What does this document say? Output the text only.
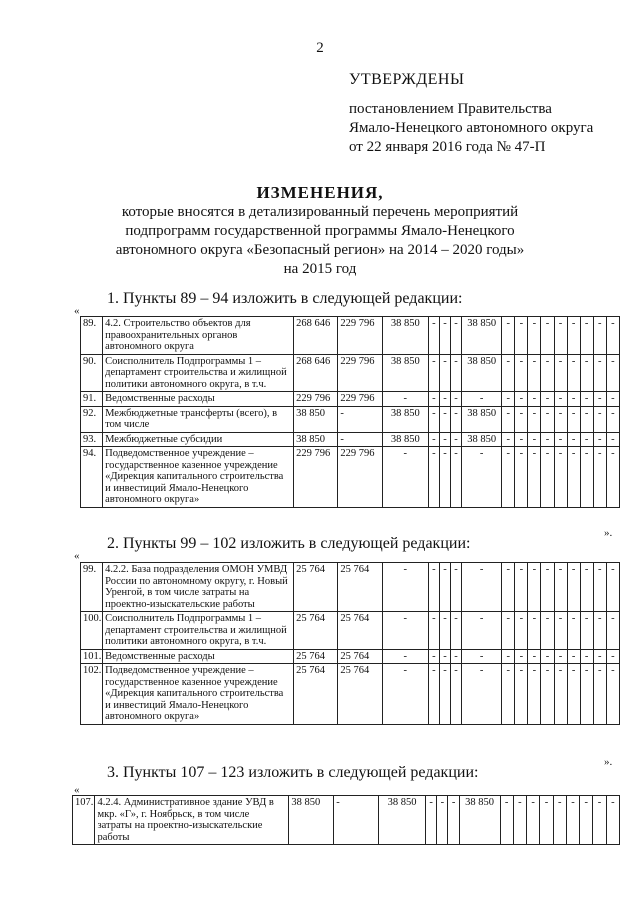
2
УТВЕРЖДЕНЫ
постановлением Правительства
Ямало-Ненецкого автономного округа
от 22 января 2016 года № 47-П
ИЗМЕНЕНИЯ,
которые вносятся в детализированный перечень мероприятий
подпрограмм государственной программы Ямало-Ненецкого
автономного округа «Безопасный регион» на 2014 – 2020 годы»
на 2015 год
1. Пункты 89 – 94 изложить в следующей редакции:
«
89.	4.2. Строительство объектов для правоохранительных органов автономного округа	268 646	229 796	38 850	-	-	-	38 850	-	-	-	-	-	-	-	-	-
90.	Соисполнитель Подпрограммы 1 – департамент строительства и жилищной политики автономного округа, в т.ч.	268 646	229 796	38 850	-	-	-	38 850	-	-	-	-	-	-	-	-	-
91.	Ведомственные расходы	229 796	229 796	-	-	-	-	-	-	-	-	-	-	-	-	-	-
92.	Межбюджетные трансферты (всего), в том числе	38 850	-	38 850	-	-	-	38 850	-	-	-	-	-	-	-	-	-
93.	Межбюджетные субсидии	38 850	-	38 850	-	-	-	38 850	-	-	-	-	-	-	-	-	-
94.	Подведомственное учреждение – государственное казенное учреждение «Дирекция капитального строительства и инвестиций Ямало-Ненецкого автономного округа»	229 796	229 796	-	-	-	-	-	-	-	-	-	-	-	-	-	-
».
2. Пункты 99 – 102 изложить в следующей редакции:
«
99.	4.2.2. База подразделения ОМОН УМВД России по автономному округу, г. Новый Уренгой, в том числе затраты на проектно-изыскательские работы	25 764	25 764	-	-	-	-	-	-	-	-	-	-	-	-	-	-
100.	Соисполнитель Подпрограммы 1 – департамент строительства и жилищной политики автономного округа, в т.ч.	25 764	25 764	-	-	-	-	-	-	-	-	-	-	-	-	-	-
101.	Ведомственные расходы	25 764	25 764	-	-	-	-	-	-	-	-	-	-	-	-	-	-
102.	Подведомственное учреждение – государственное казенное учреждение «Дирекция капитального строительства и инвестиций Ямало-Ненецкого автономного округа»	25 764	25 764	-	-	-	-	-	-	-	-	-	-	-	-	-	-
».
3. Пункты 107 – 123 изложить в следующей редакции:
«
107.	4.2.4. Административное здание УВД в мкр. «Г», г. Ноябрьск, в том числе затраты на проектно-изыскательские работы	38 850	-	38 850	-	-	-	38 850	-	-	-	-	-	-	-	-	-
